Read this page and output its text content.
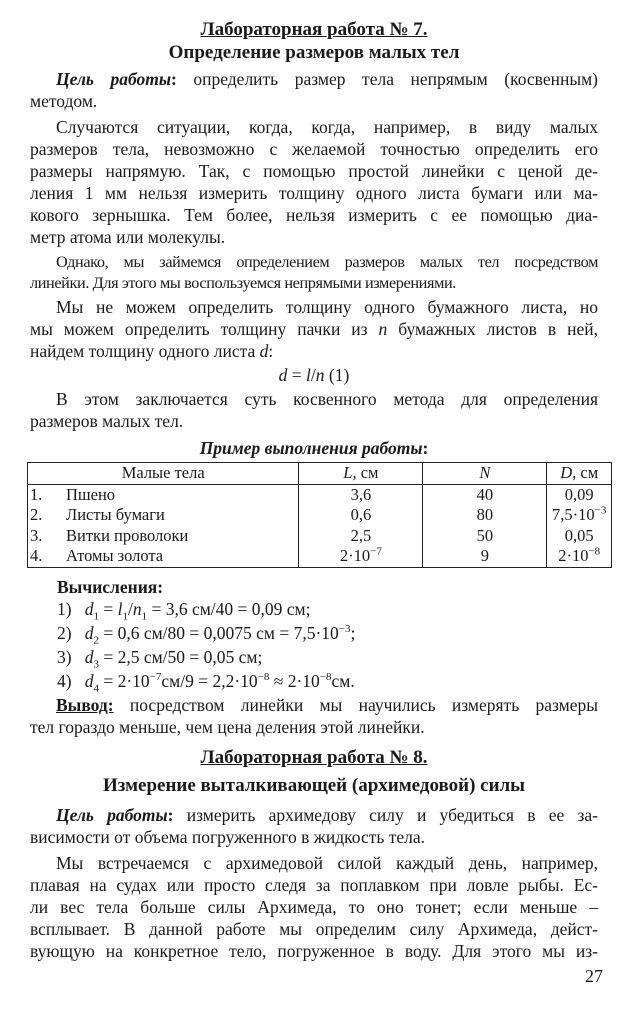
Лабораторная работа № 7.
Определение размеров малых тел
Цель работы: определить размер тела непрямым (косвенным)
методом.
Случаются ситуации, когда, когда, например, в виду малых
размеров тела, невозможно с желаемой точностью определить его
размеры напрямую. Так, с помощью простой линейки с ценой де-
ления 1 мм нельзя измерить толщину одного листа бумаги или ма-
кового зернышка. Тем более, нельзя измерить с ее помощью диа-
метр атома или молекулы.
Однако, мы займемся определением размеров малых тел посредством
линейки. Для этого мы воспользуемся непрямыми измерениями.
Мы не можем определить толщину одного бумажного листа, но
мы можем определить толщину пачки из n бумажных листов в ней,
найдем толщину одного листа d:
d = l/n (1)
В этом заключается суть косвенного метода для определения
размеров малых тел.
Пример выполнения работы:
Малые тела		L, см	N	D, см
1.	Пшено	3,6	40	0,09
2.	Листы бумаги	0,6	80	$7,5\cdot 10^{-3}$
3.	Витки проволоки	2,5	50	0,05
4.	Атомы золота	$2\cdot 10^{-7}$	9	$2\cdot 10^{-8}$
Вычисления:
1) $d_1 = l_1/n_1 = 3,6$ см/40 = 0,09 см;
2) $d_2 = 0,6$ см/80 = 0,0075 см = $7,5\cdot 10^{-3}$;
3) $d_3 = 2,5$ см/50 = 0,05 см;
4) $d_4 = 2\cdot 10^{-7}см/9 = 2,2\cdot 10^{-8} \approx 2\cdot 10^{-8}см$.
Вывод: посредством линейки мы научились измерять размеры
тел гораздо меньше, чем цена деления этой линейки.
Лабораторная работа № 8.
Измерение выталкивающей (архимедовой) силы
Цель работы: измерить архимедову силу и убедиться в ее за-
висимости от объема погруженного в жидкость тела.
Мы встречаемся с архимедовой силой каждый день, например,
плавая на судах или просто следя за поплавком при ловле рыбы. Ес-
ли вес тела больше силы Архимеда, то оно тонет; если меньше –
всплывает. В данной работе мы определим силу Архимеда, дейст-
вующую на конкретное тело, погруженное в воду. Для этого мы из-
27
